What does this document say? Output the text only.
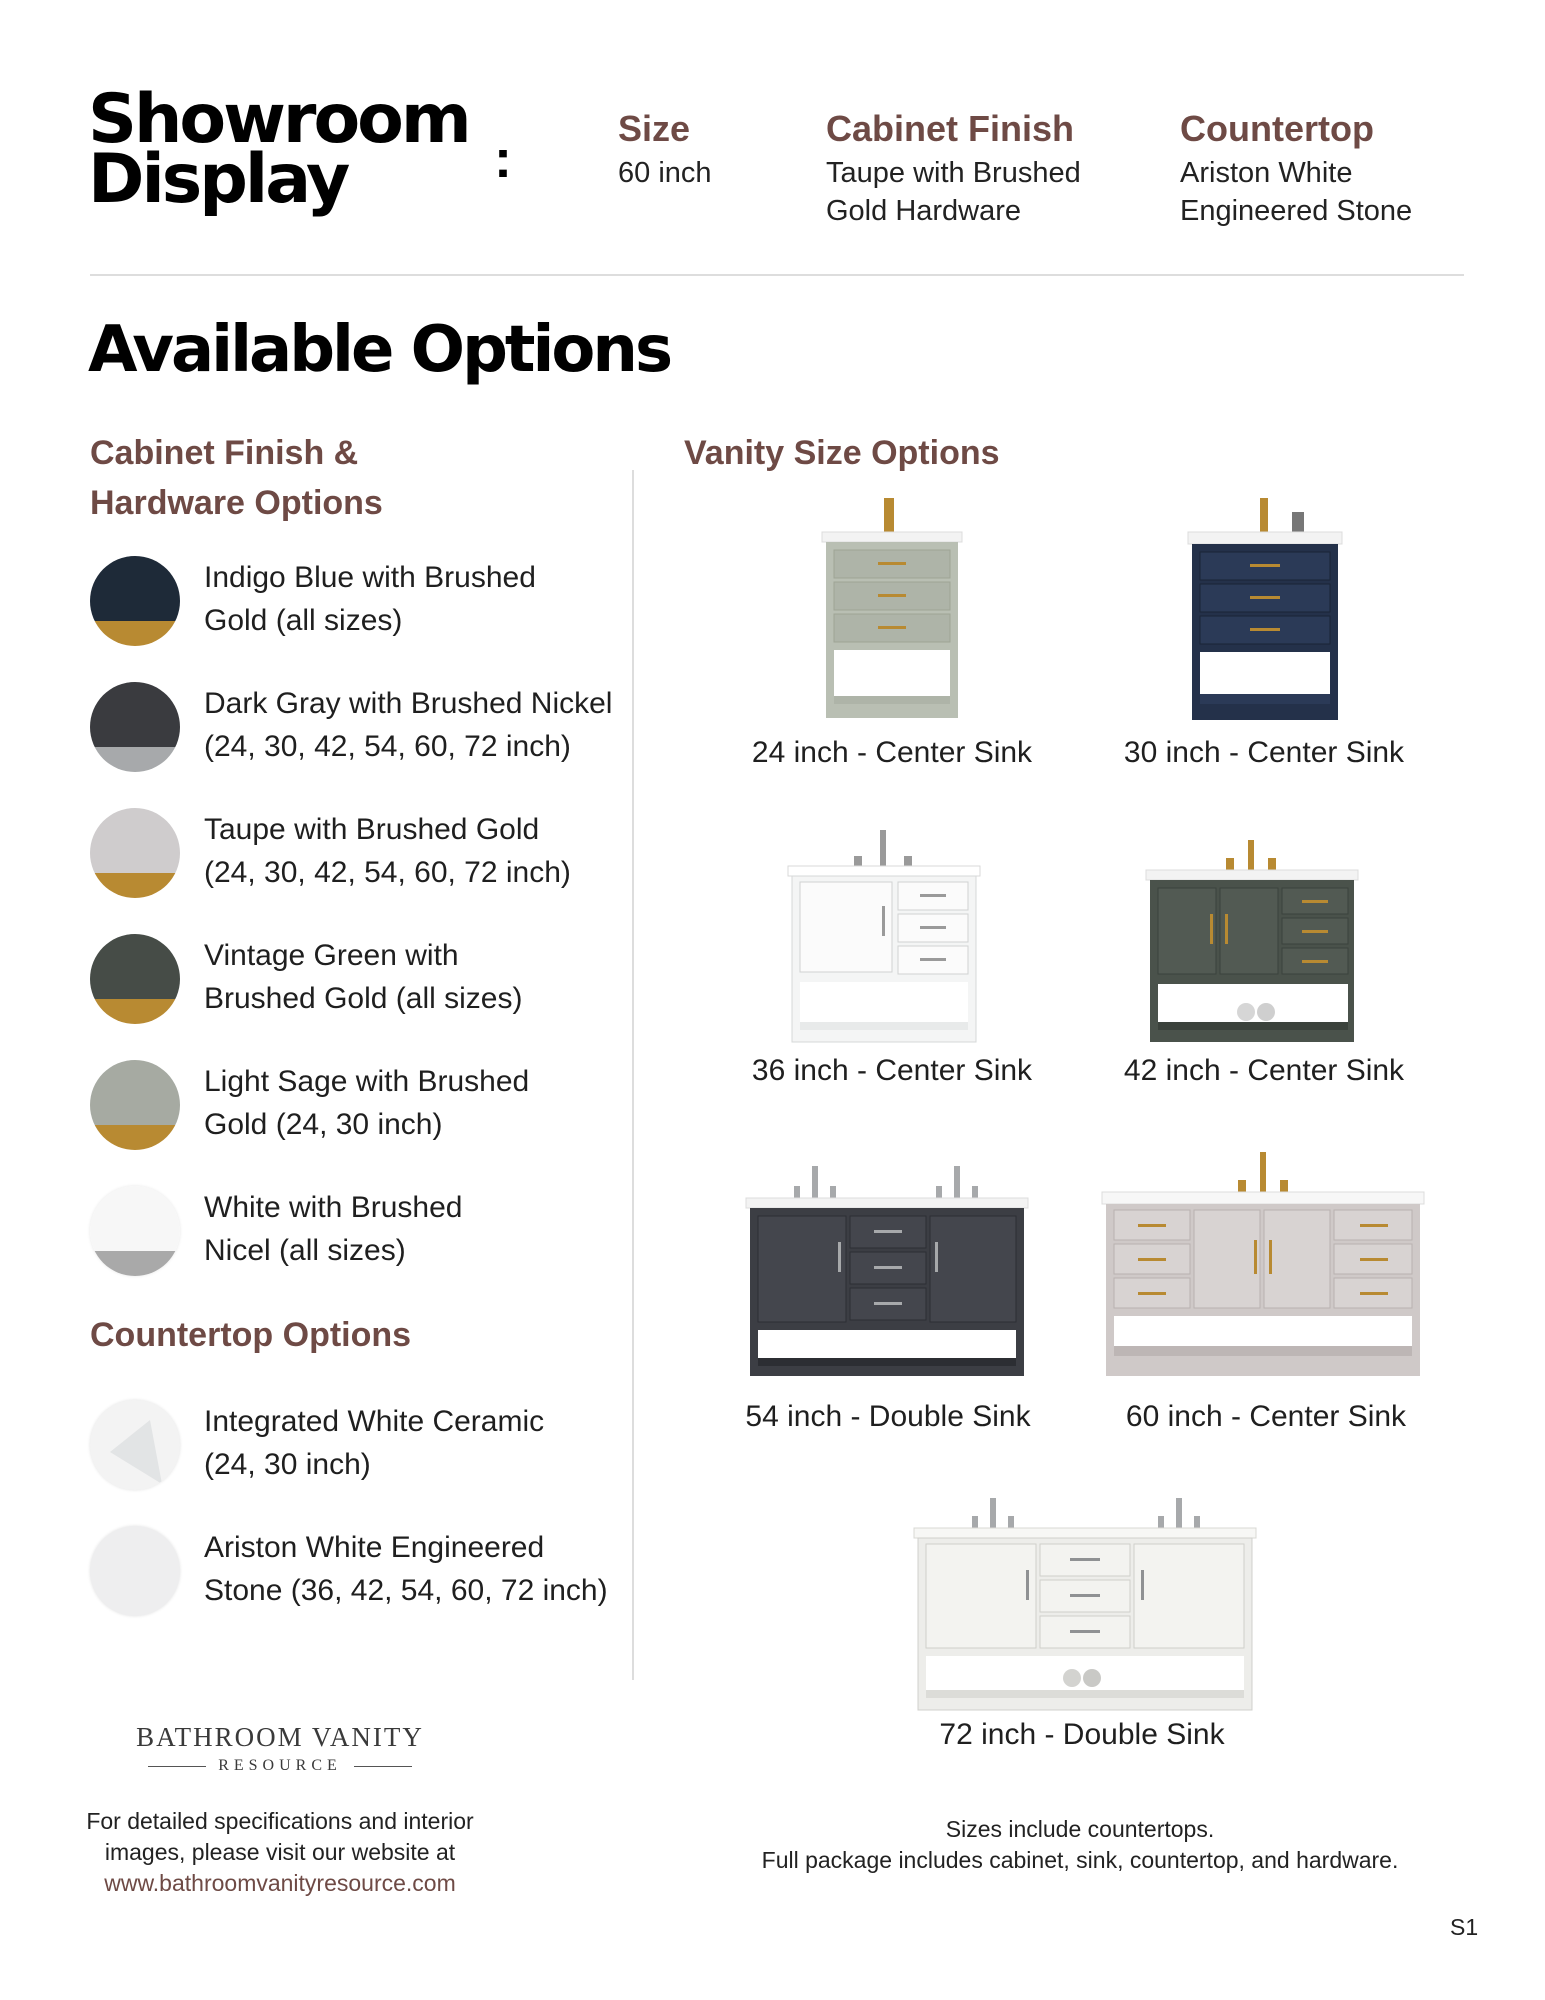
Showroom
Display	:
Size
60 inch
Cabinet Finish
Taupe with Brushed
Gold Hardware
Countertop
Ariston White
Engineered Stone
Available Options
Cabinet Finish &
Hardware Options
Indigo Blue with Brushed
Gold (all sizes)
Dark Gray with Brushed Nickel
(24, 30, 42, 54, 60, 72 inch)
Taupe with Brushed Gold
(24, 30, 42, 54, 60, 72 inch)
Vintage Green with
Brushed Gold (all sizes)
Light Sage with Brushed
Gold (24, 30 inch)
White with Brushed
Nicel (all sizes)
Countertop Options
Integrated White Ceramic
(24, 30 inch)
Ariston White Engineered
Stone (36, 42, 54, 60, 72 inch)
BATHROOM VANITY
RESOURCE
For detailed specifications and interior
images, please visit our website at
www.bathroomvanityresource.com
Vanity Size Options
24 inch - Center Sink	30 inch - Center Sink
36 inch - Center Sink	42 inch - Center Sink
54 inch - Double Sink	60 inch - Center Sink
72 inch - Double Sink
Sizes include countertops.
Full package includes cabinet, sink, countertop, and hardware.
S1
